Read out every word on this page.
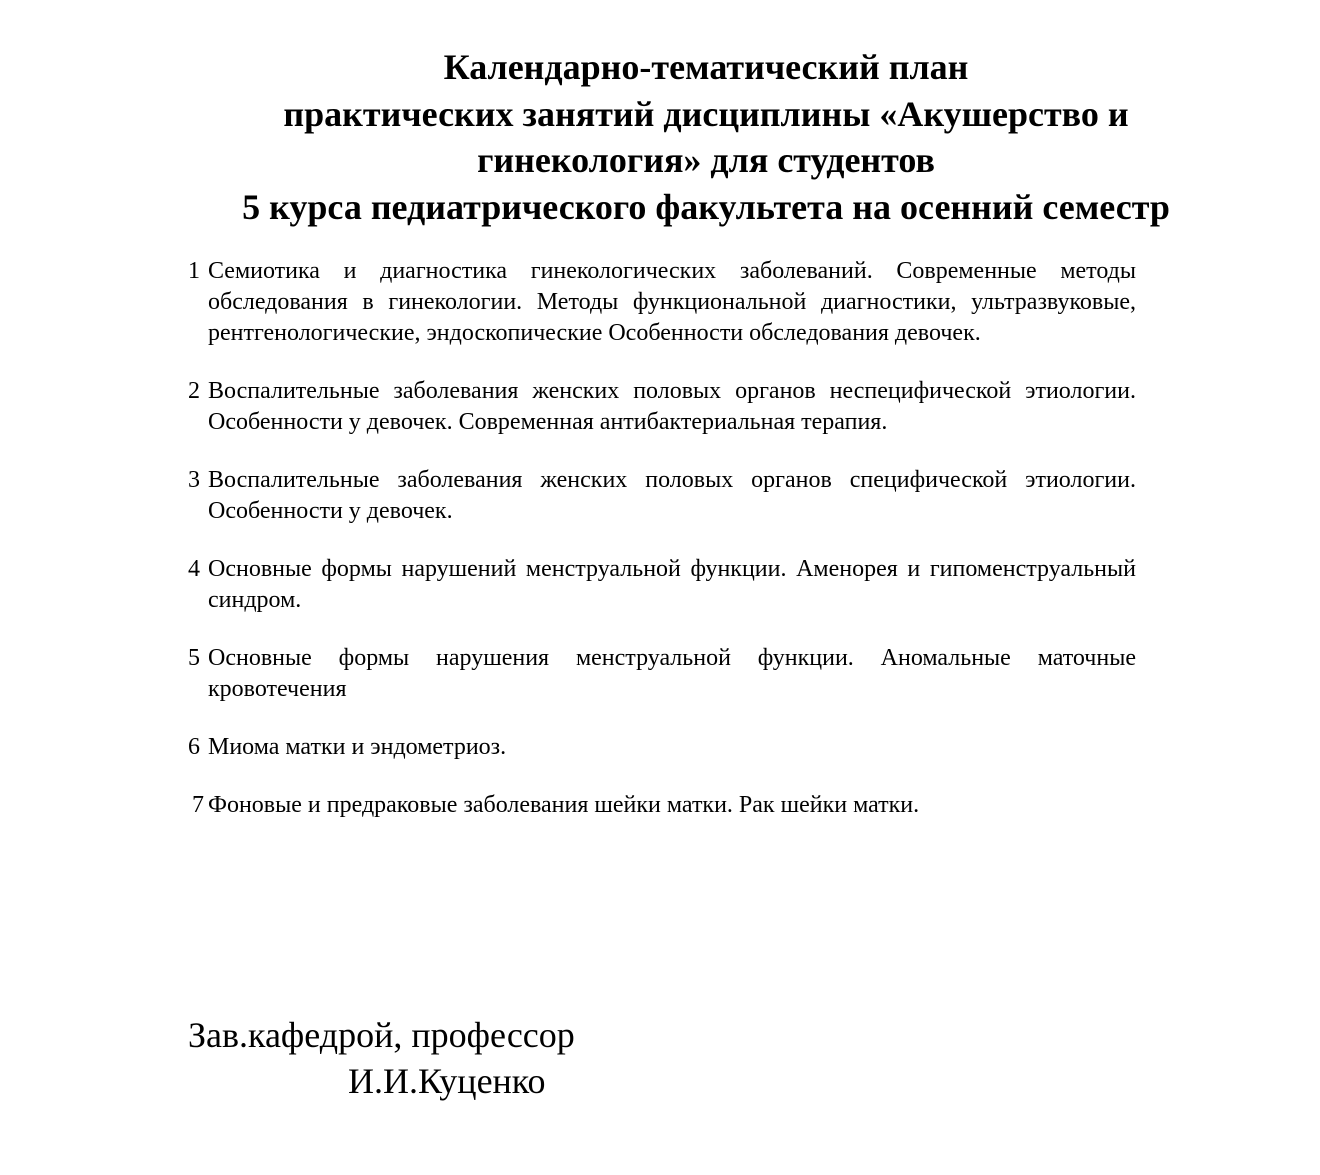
Календарно-тематический план
практических занятий дисциплины «Акушерство и
гинекология» для студентов
5 курса педиатрического факультета на осенний семестр
1 Семиотика и диагностика гинекологических заболеваний. Современные методы обследования в гинекологии. Методы функциональной диагностики, ультразвуковые, рентгенологические, эндоскопические Особенности обследования девочек.
2 Воспалительные заболевания женских половых органов неспецифической этиологии. Особенности у девочек. Современная антибактериальная терапия.
3 Воспалительные заболевания женских половых органов специфической этиологии. Особенности у девочек.
4 Основные формы нарушений менструальной функции. Аменорея и гипоменструальный синдром.
5 Основные формы нарушения менструальной функции. Аномальные маточные кровотечения
6 Миома матки и эндометриоз.
7 Фоновые и предраковые заболевания шейки матки. Рак шейки матки.
Зав.кафедрой, профессор
И.И.Куценко
